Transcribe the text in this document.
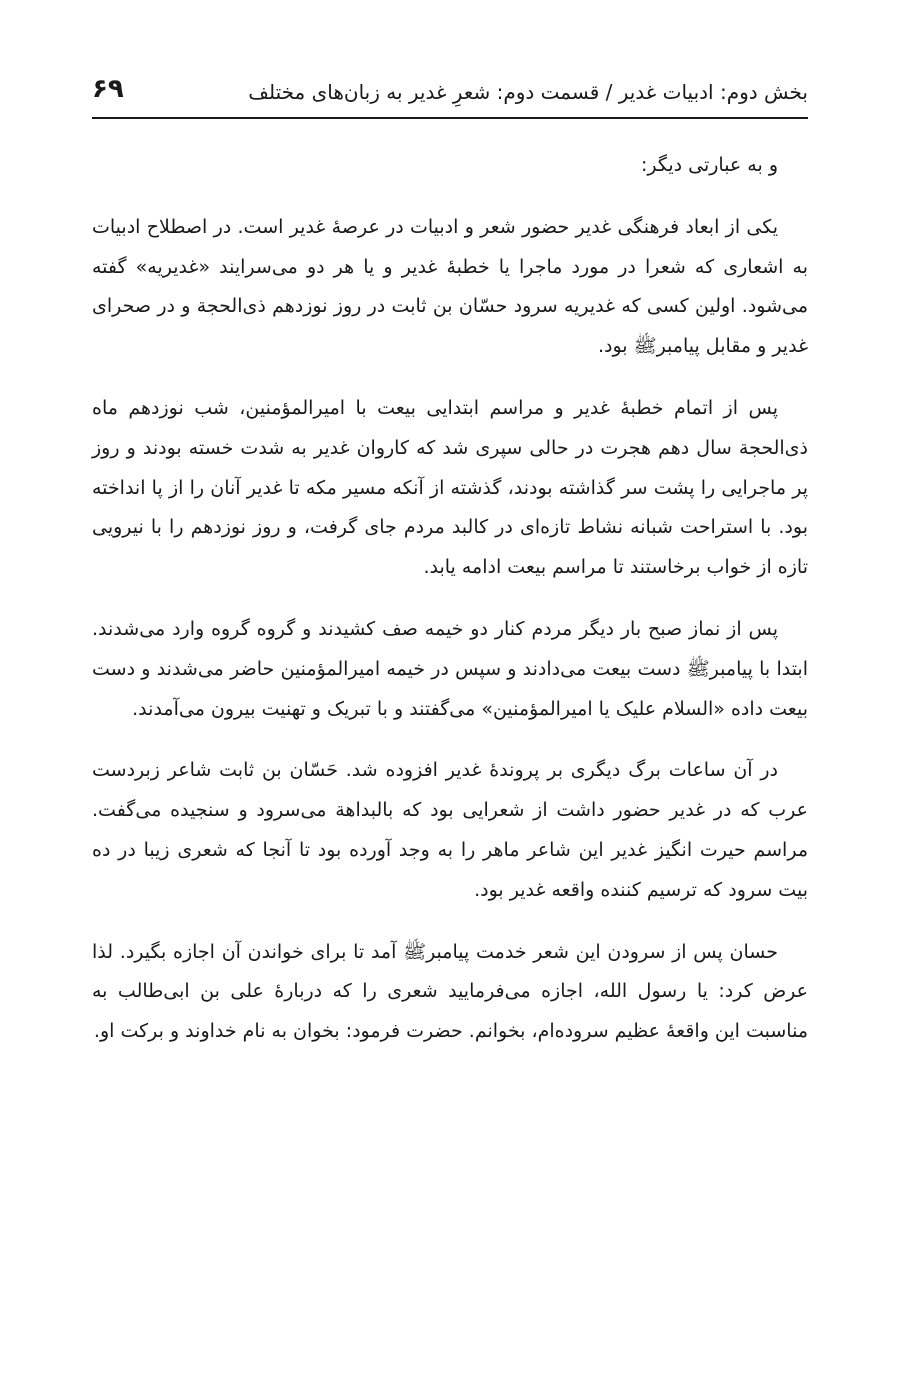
بخش دوم: ادبیات غدیر / قسمت دوم: شعرِ غدیر به زبان‌های مختلف
۶۹

و به عبارتی دیگر:

یکی از ابعاد فرهنگی غدیر حضور شعر و ادبیات در عرصهٔ غدیر است. در اصطلاح ادبیات به اشعاری که شعرا در مورد ماجرا یا خطبهٔ غدیر و یا هر دو می‌سرایند «غدیریه» گفته می‌شود. اولین کسی که غدیریه سرود حسّان بن ثابت در روز نوزدهم ذی‌الحجة و در صحرای غدیر و مقابل پیامبرﷺ بود.

پس از اتمام خطبهٔ غدیر و مراسم ابتدایی بیعت با امیرالمؤمنین، شب نوزدهم ماه ذی‌الحجة سال دهم هجرت در حالی سپری شد که کاروان غدیر به شدت خسته بودند و روز پر ماجرایی را پشت سر گذاشته بودند، گذشته از آنکه مسیر مکه تا غدیر آنان را از پا انداخته بود. با استراحت شبانه نشاط تازه‌ای در کالبد مردم جای گرفت، و روز نوزدهم را با نیرویی تازه از خواب برخاستند تا مراسم بیعت ادامه یابد.

پس از نماز صبح بار دیگر مردم کنار دو خیمه صف کشیدند و گروه گروه وارد می‌شدند. ابتدا با پیامبرﷺ دست بیعت می‌دادند و سپس در خیمه امیرالمؤمنین حاضر می‌شدند و دست بیعت داده «السلام علیک یا امیرالمؤمنین» می‌گفتند و با تبریک و تهنیت بیرون می‌آمدند.

در آن ساعات برگ دیگری بر پروندهٔ غدیر افزوده شد. حَسّان بن ثابت شاعر زبردست عرب که در غدیر حضور داشت از شعرایی بود که بالبداهة می‌سرود و سنجیده می‌گفت. مراسم حیرت انگیز غدیر این شاعر ماهر را به وجد آورده بود تا آنجا که شعری زیبا در ده بیت سرود که ترسیم کننده واقعه غدیر بود.

حسان پس از سرودن این شعر خدمت پیامبرﷺ آمد تا برای خواندن آن اجازه بگیرد. لذا عرض کرد: یا رسول الله، اجازه می‌فرمایید شعری را که دربارهٔ علی بن ابی‌طالب به مناسبت این واقعهٔ عظیم سروده‌ام، بخوانم. حضرت فرمود: بخوان به نام خداوند و برکت او.
